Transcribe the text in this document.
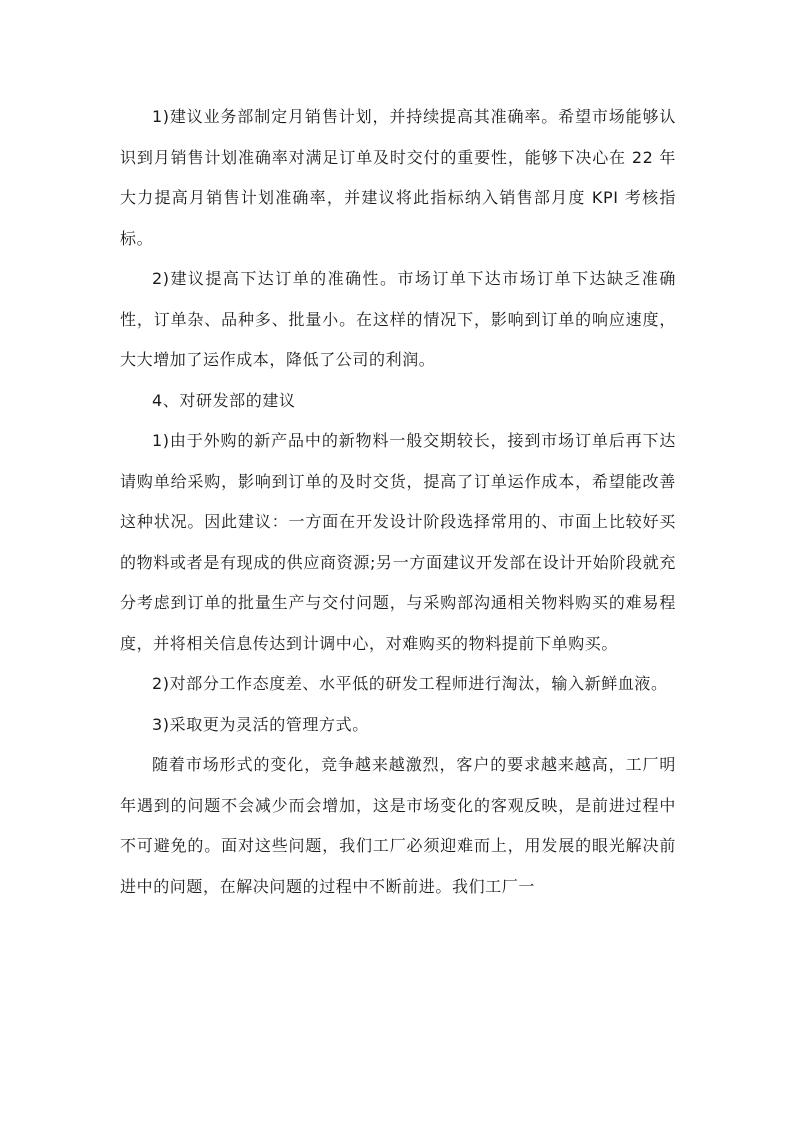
1)建议业务部制定月销售计划，并持续提高其准确率。希望市场能够认识到月销售计划准确率对满足订单及时交付的重要性，能够下决心在 22 年大力提高月销售计划准确率，并建议将此指标纳入销售部月度 KPI 考核指标。

2)建议提高下达订单的准确性。市场订单下达市场订单下达缺乏准确性，订单杂、品种多、批量小。在这样的情况下，影响到订单的响应速度，大大增加了运作成本，降低了公司的利润。

4、对研发部的建议

1)由于外购的新产品中的新物料一般交期较长，接到市场订单后再下达请购单给采购，影响到订单的及时交货，提高了订单运作成本，希望能改善这种状况。因此建议：一方面在开发设计阶段选择常用的、市面上比较好买的物料或者是有现成的供应商资源;另一方面建议开发部在设计开始阶段就充分考虑到订单的批量生产与交付问题，与采购部沟通相关物料购买的难易程度，并将相关信息传达到计调中心，对难购买的物料提前下单购买。

2)对部分工作态度差、水平低的研发工程师进行淘汰，输入新鲜血液。

3)采取更为灵活的管理方式。

随着市场形式的变化，竞争越来越激烈，客户的要求越来越高，工厂明年遇到的问题不会减少而会增加，这是市场变化的客观反映，是前进过程中不可避免的。面对这些问题，我们工厂必须迎难而上，用发展的眼光解决前进中的问题，在解决问题的过程中不断前进。我们工厂一
